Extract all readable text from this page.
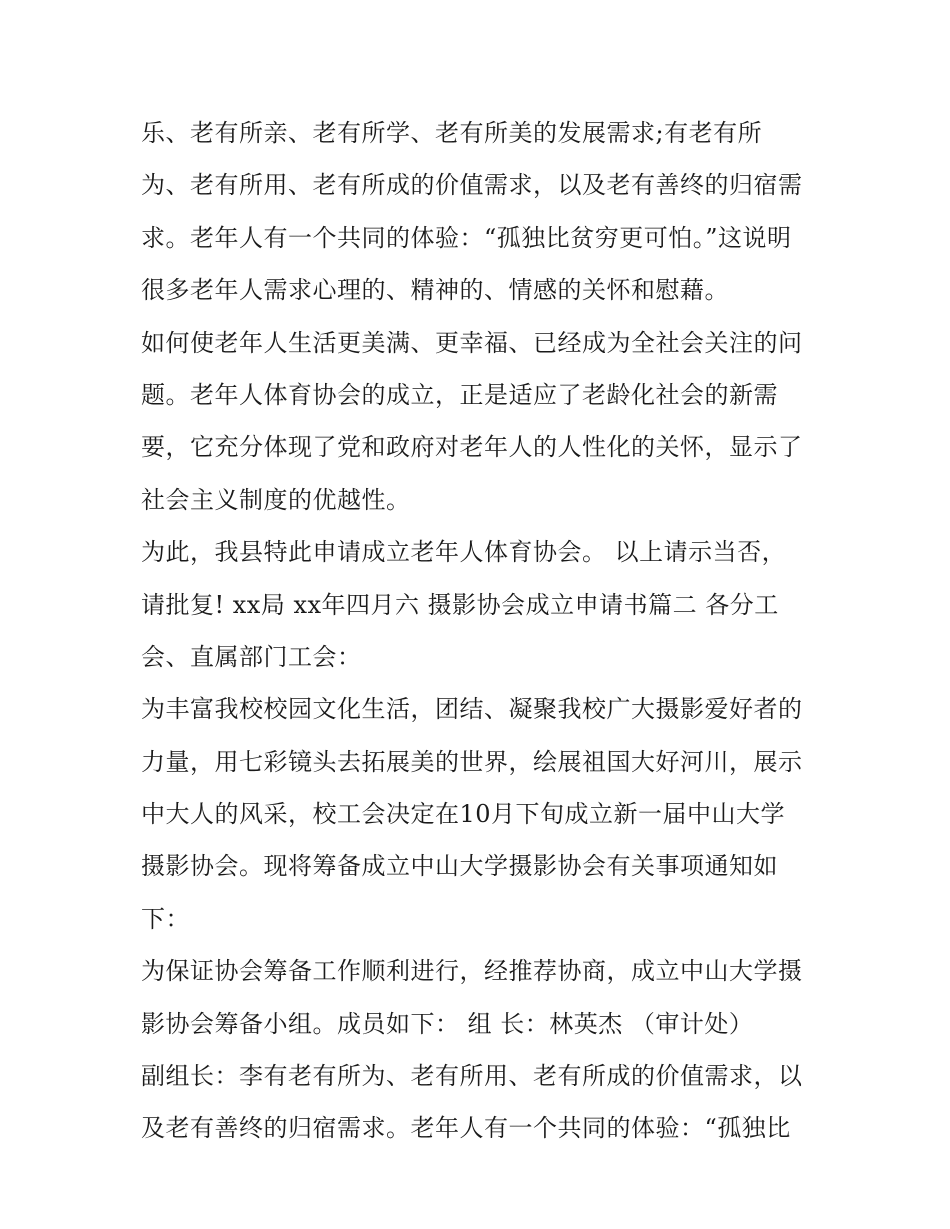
乐、老有所亲、老有所学、老有所美的发展需求;有老有所
为、老有所用、老有所成的价值需求，以及老有善终的归宿需
求。老年人有一个共同的体验：“孤独比贫穷更可怕。”这说明
很多老年人需求心理的、精神的、情感的关怀和慰藉。
如何使老年人生活更美满、更幸福、已经成为全社会关注的问
题。老年人体育协会的成立，正是适应了老龄化社会的新需
要，它充分体现了党和政府对老年人的人性化的关怀，显示了
社会主义制度的优越性。
为此，我县特此申请成立老年人体育协会。 以上请示当否，
请批复! xx局 xx年四月六 摄影协会成立申请书篇二 各分工
会、直属部门工会：
为丰富我校校园文化生活，团结、凝聚我校广大摄影爱好者的
力量，用七彩镜头去拓展美的世界，绘展祖国大好河川，展示
中大人的风采，校工会决定在10月下旬成立新一届中山大学
摄影协会。现将筹备成立中山大学摄影协会有关事项通知如
下：
为保证协会筹备工作顺利进行，经推荐协商，成立中山大学摄
影协会筹备小组。成员如下： 组 长：林英杰 （审计处）
副组长：李有老有所为、老有所用、老有所成的价值需求，以
及老有善终的归宿需求。老年人有一个共同的体验：“孤独比
